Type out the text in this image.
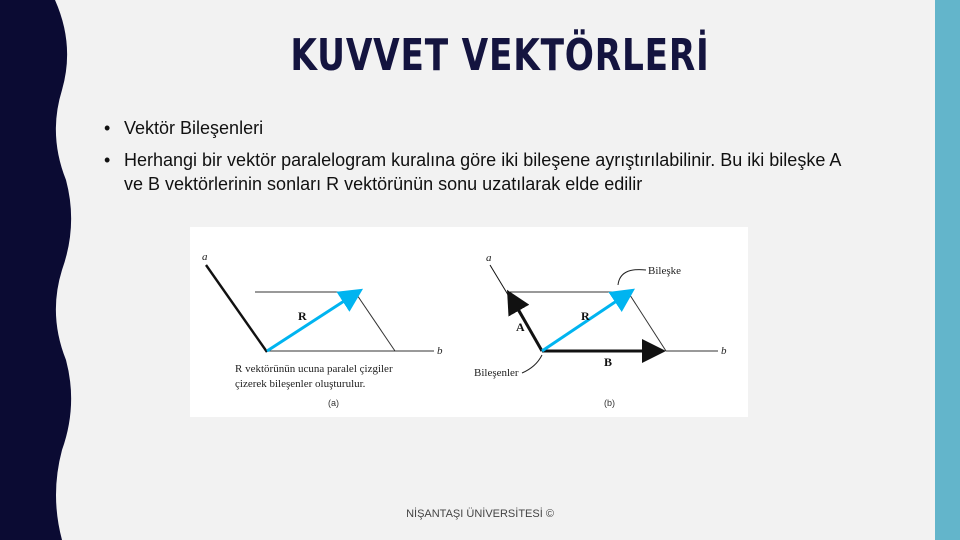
KUVVET VEKTÖRLERİ
• Vektör Bileşenleri
• Herhangi bir vektör paralelogram kuralına göre iki bileşene ayrıştırılabilinir. Bu iki bileşke A ve B vektörlerinin sonları R vektörünün sonu uzatılarak elde edilir
a
b
R
R vektörünün ucuna paralel çizgiler
çizerek bileşenler oluşturulur.
(a)
a
b
R
A
B
Bileşke
Bileşenler
(b)
NİŞANTAŞI ÜNİVERSİTESİ ©
